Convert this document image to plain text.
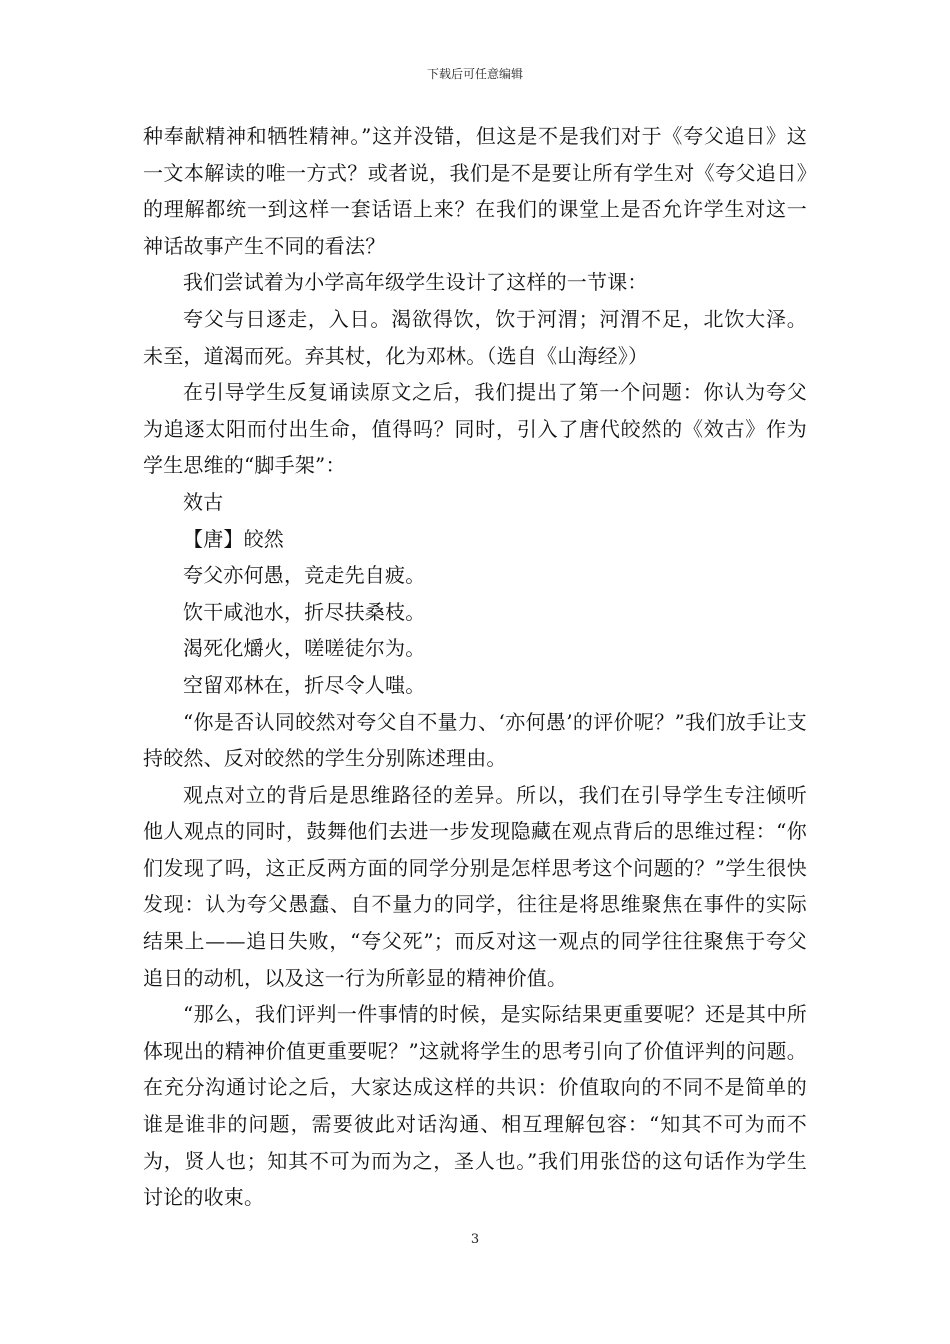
下载后可任意编辑

种奉献精神和牺牲精神。”这并没错，但这是不是我们对于《夸父追日》这一文本解读的唯一方式？或者说，我们是不是要让所有学生对《夸父追日》的理解都统一到这样一套话语上来？在我们的课堂上是否允许学生对这一神话故事产生不同的看法？

我们尝试着为小学高年级学生设计了这样的一节课：

夸父与日逐走，入日。渴欲得饮，饮于河渭；河渭不足，北饮大泽。未至，道渴而死。弃其杖，化为邓林。（选自《山海经》）

在引导学生反复诵读原文之后，我们提出了第一个问题：你认为夸父为追逐太阳而付出生命，值得吗？同时，引入了唐代皎然的《效古》作为学生思维的“脚手架”：

效古

【唐】皎然

夸父亦何愚，竞走先自疲。

饮干咸池水，折尽扶桑枝。

渴死化爝火，嗟嗟徒尔为。

空留邓林在，折尽令人嗤。

“你是否认同皎然对夸父自不量力、‘亦何愚’的评价呢？”我们放手让支持皎然、反对皎然的学生分别陈述理由。

观点对立的背后是思维路径的差异。所以，我们在引导学生专注倾听他人观点的同时，鼓舞他们去进一步发现隐藏在观点背后的思维过程：“你们发现了吗，这正反两方面的同学分别是怎样思考这个问题的？”学生很快发现：认为夸父愚蠢、自不量力的同学，往往是将思维聚焦在事件的实际结果上——追日失败，“夸父死”；而反对这一观点的同学往往聚焦于夸父追日的动机，以及这一行为所彰显的精神价值。

“那么，我们评判一件事情的时候，是实际结果更重要呢？还是其中所体现出的精神价值更重要呢？”这就将学生的思考引向了价值评判的问题。在充分沟通讨论之后，大家达成这样的共识：价值取向的不同不是简单的谁是谁非的问题，需要彼此对话沟通、相互理解包容：“知其不可为而不为，贤人也；知其不可为而为之，圣人也。”我们用张岱的这句话作为学生讨论的收束。

3
